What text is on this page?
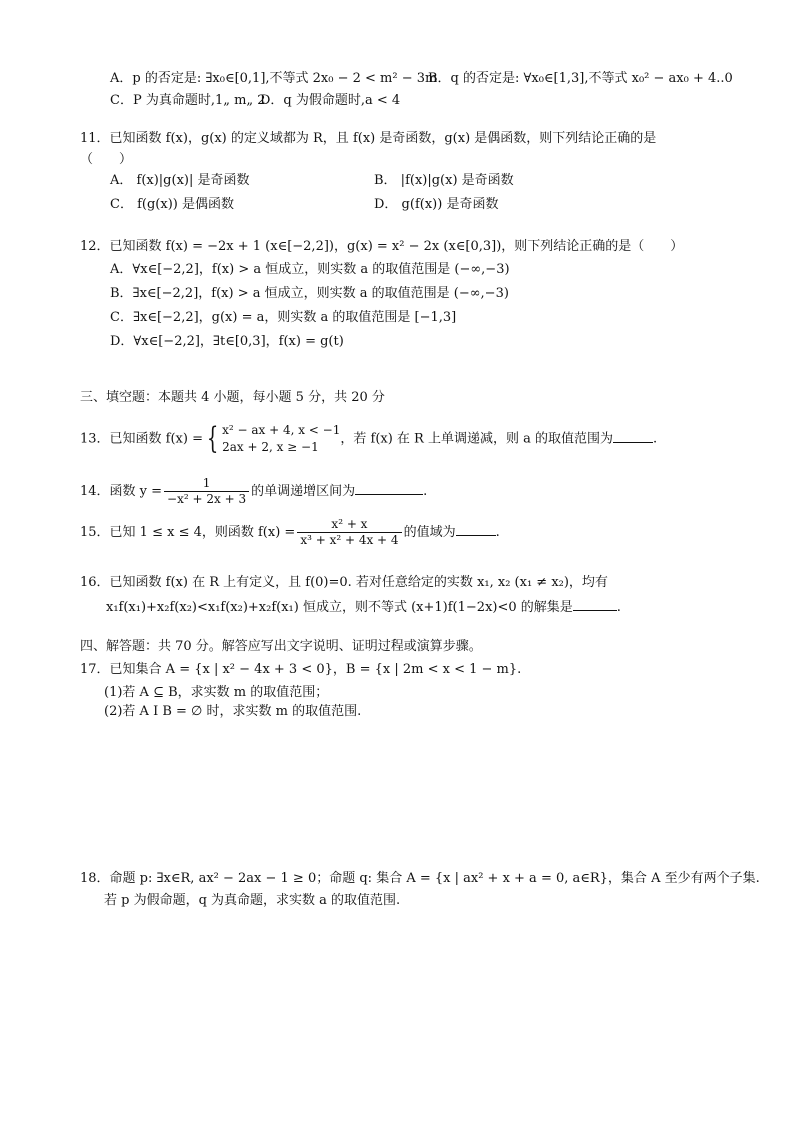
A．p 的否定是: ∃x₀∈[0,1],不等式 2x₀ − 2 < m² − 3m
B．q 的否定是: ∀x₀∈[1,3],不等式 x₀² − ax₀ + 4..0
C．P 为真命题时,1„ m„ 2
D．q 为假命题时,a < 4
11．已知函数 f(x)，g(x) 的定义域都为 R，且 f(x) 是奇函数，g(x) 是偶函数，则下列结论正确的是
（　　）
A． f(x)|g(x)| 是奇函数	B． |f(x)|g(x) 是奇函数
C． f(g(x)) 是偶函数	D． g(f(x)) 是奇函数
12．已知函数 f(x) = −2x + 1 (x∈[−2,2])，g(x) = x² − 2x (x∈[0,3])，则下列结论正确的是（　　）
A．∀x∈[−2,2]，f(x) > a 恒成立，则实数 a 的取值范围是 (−∞,−3)
B．∃x∈[−2,2]，f(x) > a 恒成立，则实数 a 的取值范围是 (−∞,−3)
C．∃x∈[−2,2]，g(x) = a，则实数 a 的取值范围是 [−1,3]
D．∀x∈[−2,2]，∃t∈[0,3]，f(x) = g(t)
三、填空题：本题共 4 小题，每小题 5 分，共 20 分
13．已知函数 f(x) = { x² − ax + 4, x < −1
2ax + 2, x ≥ −1
，若 f(x) 在 R 上单调递减，则 a 的取值范围为	.
14．函数 $y = \frac{1}{\text{−x² + 2x + 3}}$ 的单调递增区间为	.
15．已知 1 ≤ x ≤ 4，则函数 $f(x) = \frac{\text{x² + x}}{\text{x³ + x² + 4x + 4}}$ 的值域为	.
16．已知函数 f(x) 在 R 上有定义，且 f(0)=0. 若对任意给定的实数 x₁, x₂ (x₁ ≠ x₂)，均有
x₁f(x₁)+x₂f(x₂)<x₁f(x₂)+x₂f(x₁) 恒成立，则不等式 (x+1)f(1−2x)<0 的解集是	.
四、解答题：共 70 分。解答应写出文字说明、证明过程或演算步骤。
17．已知集合 A = {x | x² − 4x + 3 < 0}，B = {x | 2m < x < 1 − m}.
(1)若 A ⊆ B，求实数 m 的取值范围；
(2)若 A I B = ∅ 时，求实数 m 的取值范围.
18．命题 p: ∃x∈R, ax² − 2ax − 1 ≥ 0；命题 q: 集合 A = {x | ax² + x + a = 0, a∈R}，集合 A 至少有两个子集.
若 p 为假命题，q 为真命题，求实数 a 的取值范围.
